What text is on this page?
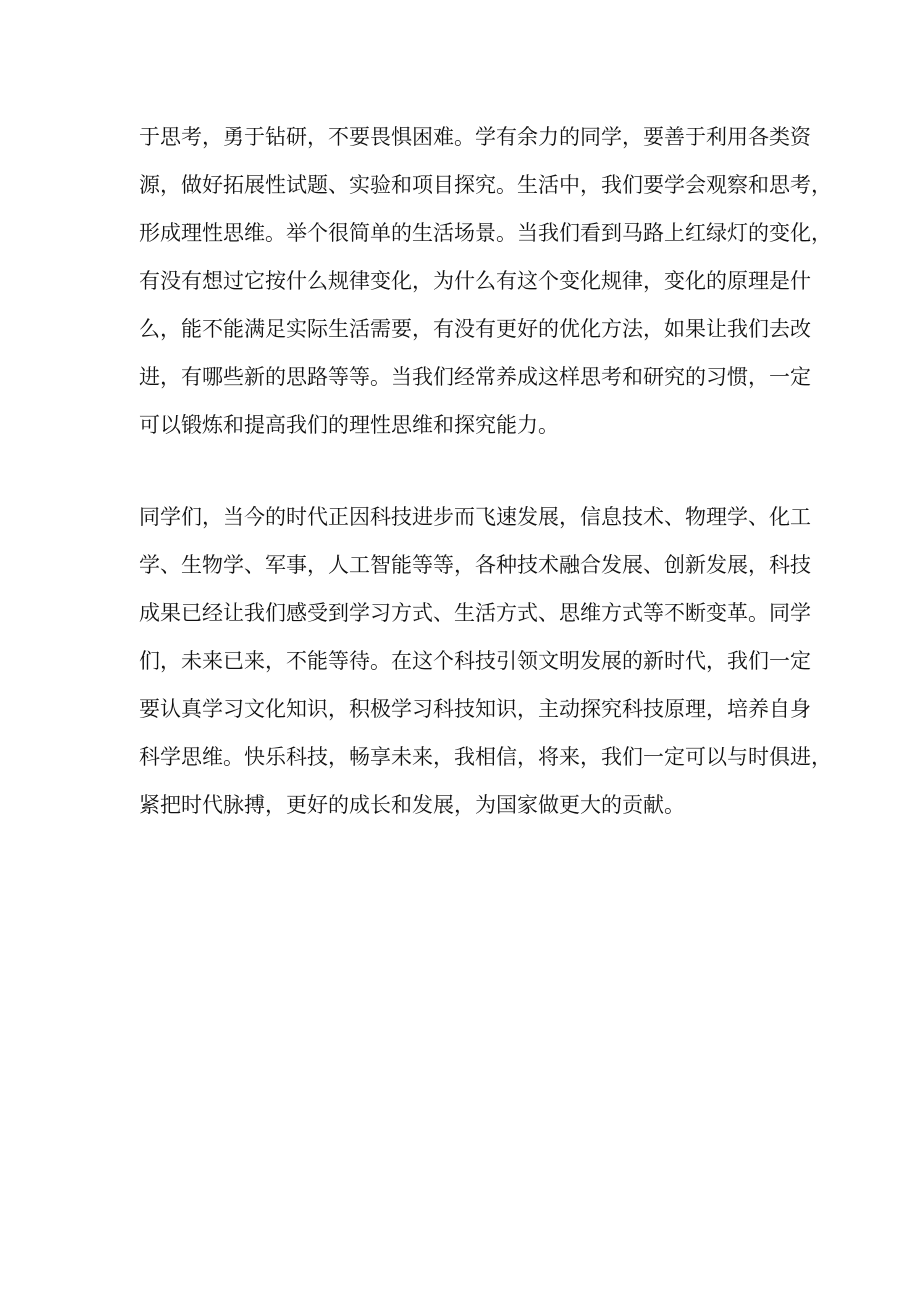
于思考，勇于钻研，不要畏惧困难。学有余力的同学，要善于利用各类资
源，做好拓展性试题、实验和项目探究。生活中，我们要学会观察和思考，
形成理性思维。举个很简单的生活场景。当我们看到马路上红绿灯的变化，
有没有想过它按什么规律变化，为什么有这个变化规律，变化的原理是什
么，能不能满足实际生活需要，有没有更好的优化方法，如果让我们去改
进，有哪些新的思路等等。当我们经常养成这样思考和研究的习惯，一定
可以锻炼和提高我们的理性思维和探究能力。
同学们，当今的时代正因科技进步而飞速发展，信息技术、物理学、化工
学、生物学、军事，人工智能等等，各种技术融合发展、创新发展，科技
成果已经让我们感受到学习方式、生活方式、思维方式等不断变革。同学
们，未来已来，不能等待。在这个科技引领文明发展的新时代，我们一定
要认真学习文化知识，积极学习科技知识，主动探究科技原理，培养自身
科学思维。快乐科技，畅享未来，我相信，将来，我们一定可以与时俱进，
紧把时代脉搏，更好的成长和发展，为国家做更大的贡献。
